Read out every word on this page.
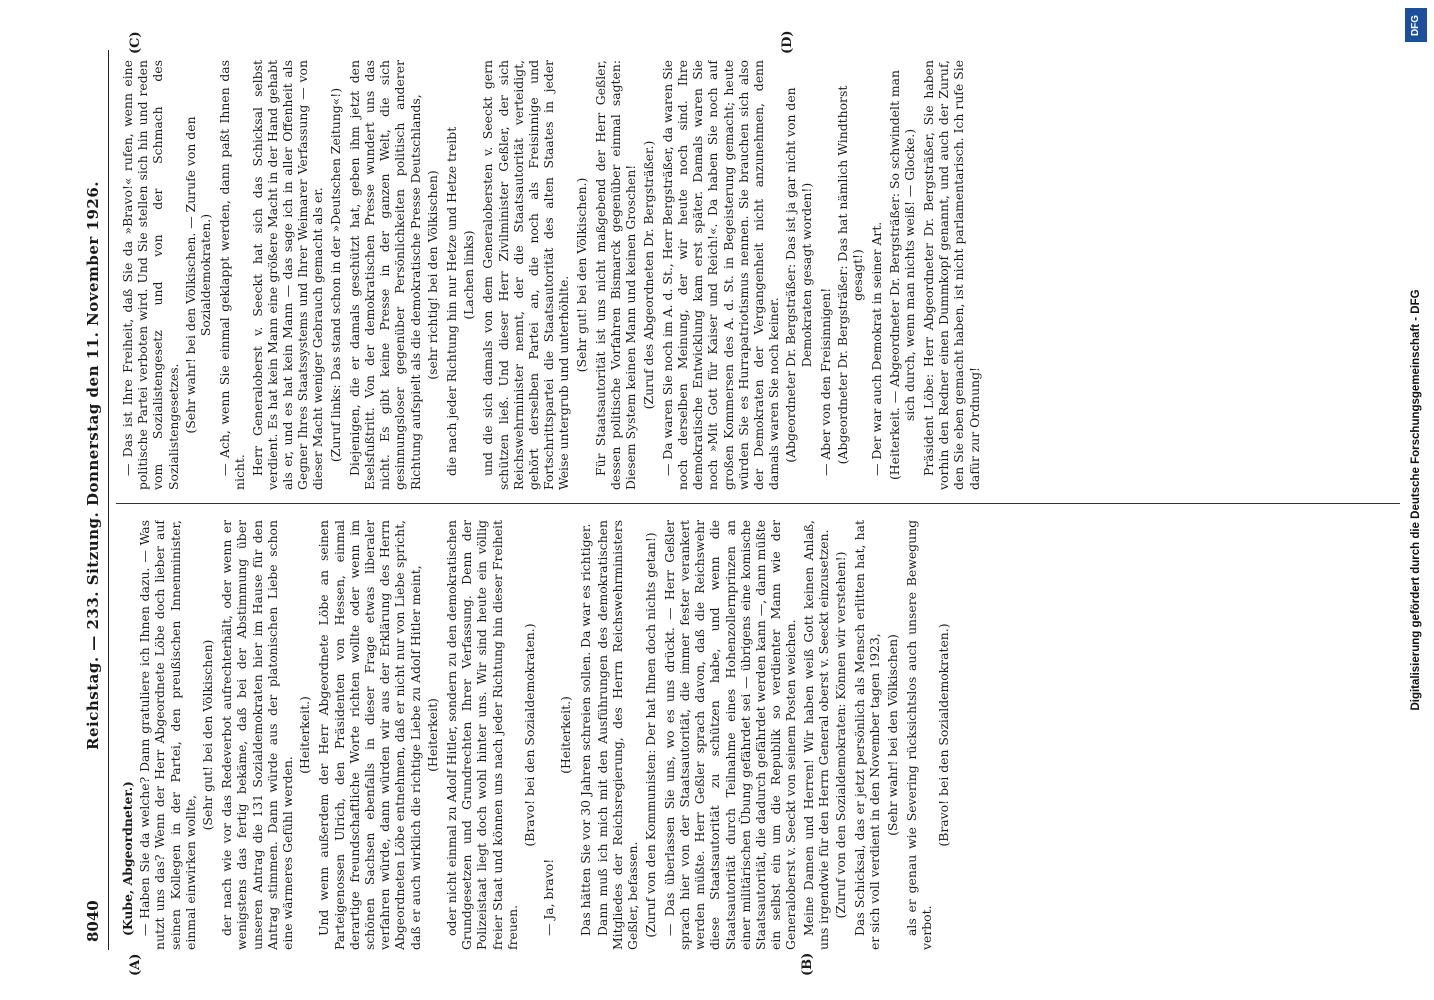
8040
Reichstag. — 233. Sitzung. Donnerstag den 11. November 1926.

(Kube, Abgeordneter.) — Haben Sie da welche? Dann gratuliere ich Ihnen dazu. — Was nutzt uns das? Wenn der Herr Abgeordnete Löbe doch lieber auf seinen Kollegen in der Partei, den preußischen Innenminister, einmal einwirken wollte,

(Sehr gut! bei den Völkischen) der nach wie vor das Redeverbot aufrechterhält, oder wenn er wenigstens das fertig bekäme, daß bei der Abstimmung über unseren Antrag die 131 Sozialdemokraten hier im Hause für den Antrag stimmen. Dann würde aus der platonischen Liebe schon eine wärmeres Gefühl werden.

(Heiterkeit.) Und wenn außerdem der Herr Abgeordnete Löbe an seinen Parteigenossen Ulrich, den Präsidenten von Hessen, einmal derartige freundschaftliche Worte richten wollte oder wenn im schönen Sachsen ebenfalls in dieser Frage etwas liberaler verfahren würde, dann würden wir aus der Erklärung des Herrn Abgeordneten Löbe entnehmen, daß er nicht nur von Liebe spricht, daß er auch wirklich die richtige Liebe zu Adolf Hitler meint, (Heiterkeit) oder nicht einmal zu Adolf Hitler, sondern zu den demokratischen Grundgesetzen und Grundrechten Ihrer Verfassung. Denn der Polizeistaat liegt doch wohl hinter uns. Wir sind heute ein völlig freier Staat und können uns nach jeder Richtung hin dieser Freiheit freuen.

(Bravo! bei den Sozialdemokraten.)

— Ja, bravo!

(Heiterkeit.) Das hätten Sie vor 30 Jahren schreien sollen. Da war es richtiger. Dann muß ich mich mit den Ausführungen des demokratischen Mitgliedes der Reichsregierung, des Herrn Reichswehrministers Geßler, befassen. (Zuruf von den Kommunisten: Der hat Ihnen doch nichts getan!) — Das überlassen Sie uns, wo es uns drückt. — Herr Geßler sprach hier von der Staatsautorität, die immer fester verankert werden müßte. Herr Geßler sprach davon, daß die Reichswehr diese Staatsautorität zu schützen habe, und wenn die Staatsautorität durch Teilnahme eines Hohenzollernprinzen an einer militärischen Übung gefährdet sei — übrigens eine komische Staatsautorität, die dadurch gefährdet werden kann —, dann müßte ein selbst ein um die Republik so verdienter Mann wie der Generaloberst v. Seeckt von seinem Posten weichen. Meine Damen und Herren! Wir haben weiß Gott keinen Anlaß, uns irgendwie für den Herrn General oberst v. Seeckt einzusetzen. (Zuruf von den Sozialdemokraten: Können wir verstehen!) Das Schicksal, das er jetzt persönlich als Mensch erlitten hat, hat er sich voll verdient in den November tagen 1923, (Sehr wahr! bei den Völkischen) als er genau wie Severing rücksichtslos auch unsere Bewegung verbot.

(Bravo! bei den Sozialdemokraten.)

— Das ist Ihre Freiheit, daß Sie da »Bravo!« rufen, wenn eine politische Partei verboten wird. Und Sie stellen sich hin und reden vom Sozialistengesetz und von der Schmach des Sozialistengesetzes. (Sehr wahr! bei den Völkischen. — Zurufe von den Sozialdemokraten.) — Ach, wenn Sie einmal geklappt werden, dann paßt Ihnen das nicht. Herr Generaloberst v. Seeckt hat sich das Schicksal selbst verdient. Es hat kein Mann eine größere Macht in der Hand gehabt als er, und es hat kein Mann — das sage ich in aller Offenheit als Gegner Ihres Staatssystems und Ihrer Weimarer Verfassung — von dieser Macht weniger Gebrauch gemacht als er. (Zuruf links: Das stand schon in der »Deutschen Zeitung«!) Diejenigen, die er damals geschützt hat, geben ihm jetzt den Eselsfußtritt. Von der demokratischen Presse wundert uns das nicht. Es gibt keine Presse in der ganzen Welt, die sich gesinnungsloser gegenüber Persönlichkeiten politisch anderer Richtung aufspielt als die demokratische Presse Deutschlands, (sehr richtig! bei den Völkischen) die nach jeder Richtung hin nur Hetze und Hetze treibt (Lachen links) und die sich damals von dem Generalobersten v. Seeckt gern schützen ließ. Und dieser Herr Zivilminister Geßler, der sich Reichswehrminister nennt, der die Staatsautorität verteidigt, gehört derselben Partei an, die noch als Freisinnige und Fortschrittspartei die Staatsautorität des alten Staates in jeder Weise untergrub und unterhöhlte.

(Sehr gut! bei den Völkischen.) Für Staatsautorität ist uns nicht maßgebend der Herr Geßler, dessen politische Vorfahren Bismarck gegenüber einmal sagten: Diesem System keinen Mann und keinen Groschen! (Zuruf des Abgeordneten Dr. Bergsträßer.) — Da waren Sie noch im A. d. St., Herr Bergsträßer, da waren Sie noch derselben Meinung, der wir heute noch sind. Ihre demokratische Entwicklung kam erst später. Damals waren Sie noch »Mit Gott für Kaiser und Reich!«. Da haben Sie noch auf großen Kommersen des A. d. St. in Begeisterung gemacht; heute würden Sie es Hurrapatriotismus nennen. Sie brauchen sich also der Demokraten der Vergangenheit nicht anzunehmen, denn damals waren Sie noch keiner. (Abgeordneter Dr. Bergsträßer: Das ist ja gar nicht von den Demokraten gesagt worden!)

— Aber von den Freisinnigen! (Abgeordneter Dr. Bergsträßer: Das hat nämlich Windthorst gesagt!) — Der war auch Demokrat in seiner Art. (Heiterkeit. — Abgeordneter Dr. Bergsträßer: So schwindelt man sich durch, wenn man nichts weiß! — Glocke.) Präsident Löbe: Herr Abgeordneter Dr. Bergsträßer, Sie haben vorhin den Redner einen Dummkopf genannt, und auch der Zuruf, den Sie eben gemacht haben, ist nicht parlamentarisch. Ich rufe Sie dafür zur Ordnung!

(A)	(B)
(C)	(D)
DFG
Digitalisierung gefördert durch die Deutsche Forschungsgemeinschaft - DFG
